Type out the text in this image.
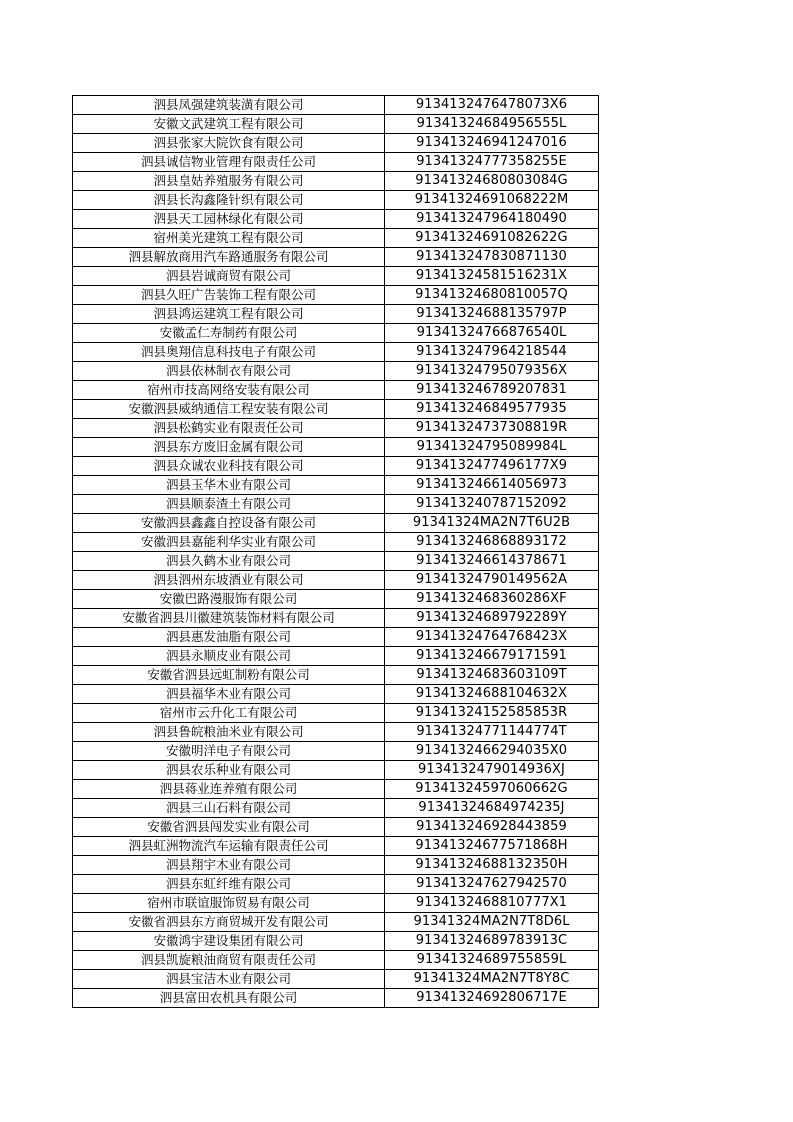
泗县凤强建筑装潢有限公司	9134132476478073X6
安徽文武建筑工程有限公司	91341324684956555L
泗县张家大院饮食有限公司	913413246941247016
泗县诚信物业管理有限责任公司	91341324777358255E
泗县皇姑养殖服务有限公司	91341324680803084G
泗县长沟鑫隆针织有限公司	91341324691068222M
泗县天工园林绿化有限公司	913413247964180490
宿州美光建筑工程有限公司	91341324691082622G
泗县解放商用汽车路通服务有限公司	913413247830871130
泗县岩诚商贸有限公司	91341324581516231X
泗县久旺广告装饰工程有限公司	91341324680810057Q
泗县鸿运建筑工程有限公司	91341324688135797P
安徽孟仁寿制药有限公司	91341324766876540L
泗县奥翔信息科技电子有限公司	913413247964218544
泗县依林制衣有限公司	91341324795079356X
宿州市技高网络安装有限公司	913413246789207831
安徽泗县威纳通信工程安装有限公司	913413246849577935
泗县松鹤实业有限责任公司	91341324737308819R
泗县东方废旧金属有限公司	91341324795089984L
泗县众诚农业科技有限公司	9134132477496177X9
泗县玉华木业有限公司	913413246614056973
泗县顺泰渣土有限公司	913413240787152092
安徽泗县鑫鑫自控设备有限公司	91341324MA2N7T6U2B
安徽泗县嘉能利华实业有限公司	913413246868893172
泗县久鹤木业有限公司	913413246614378671
泗县泗州东坡酒业有限公司	91341324790149562A
安徽巴路漫服饰有限公司	9134132468360286XF
安徽省泗县川徽建筑装饰材料有限公司	91341324689792289Y
泗县惠发油脂有限公司	91341324764768423X
泗县永顺皮业有限公司	913413246679171591
安徽省泗县远虹制粉有限公司	91341324683603109T
泗县福华木业有限公司	91341324688104632X
宿州市云升化工有限公司	91341324152585853R
泗县鲁皖粮油米业有限公司	91341324771144774T
安徽明洋电子有限公司	9134132466294035X0
泗县农乐种业有限公司	9134132479014936XJ
泗县蒋业连养殖有限公司	91341324597060662G
泗县三山石料有限公司	91341324684974235J
安徽省泗县闯发实业有限公司	913413246928443859
泗县虹洲物流汽车运输有限责任公司	91341324677571868H
泗县翔宇木业有限公司	91341324688132350H
泗县东虹纤维有限公司	913413247627942570
宿州市联谊服饰贸易有限公司	9134132468810777X1
安徽省泗县东方商贸城开发有限公司	91341324MA2N7T8D6L
安徽鸿宇建设集团有限公司	91341324689783913C
泗县凯旋粮油商贸有限责任公司	91341324689755859L
泗县宝洁木业有限公司	91341324MA2N7T8Y8C
泗县富田农机具有限公司	91341324692806717E
